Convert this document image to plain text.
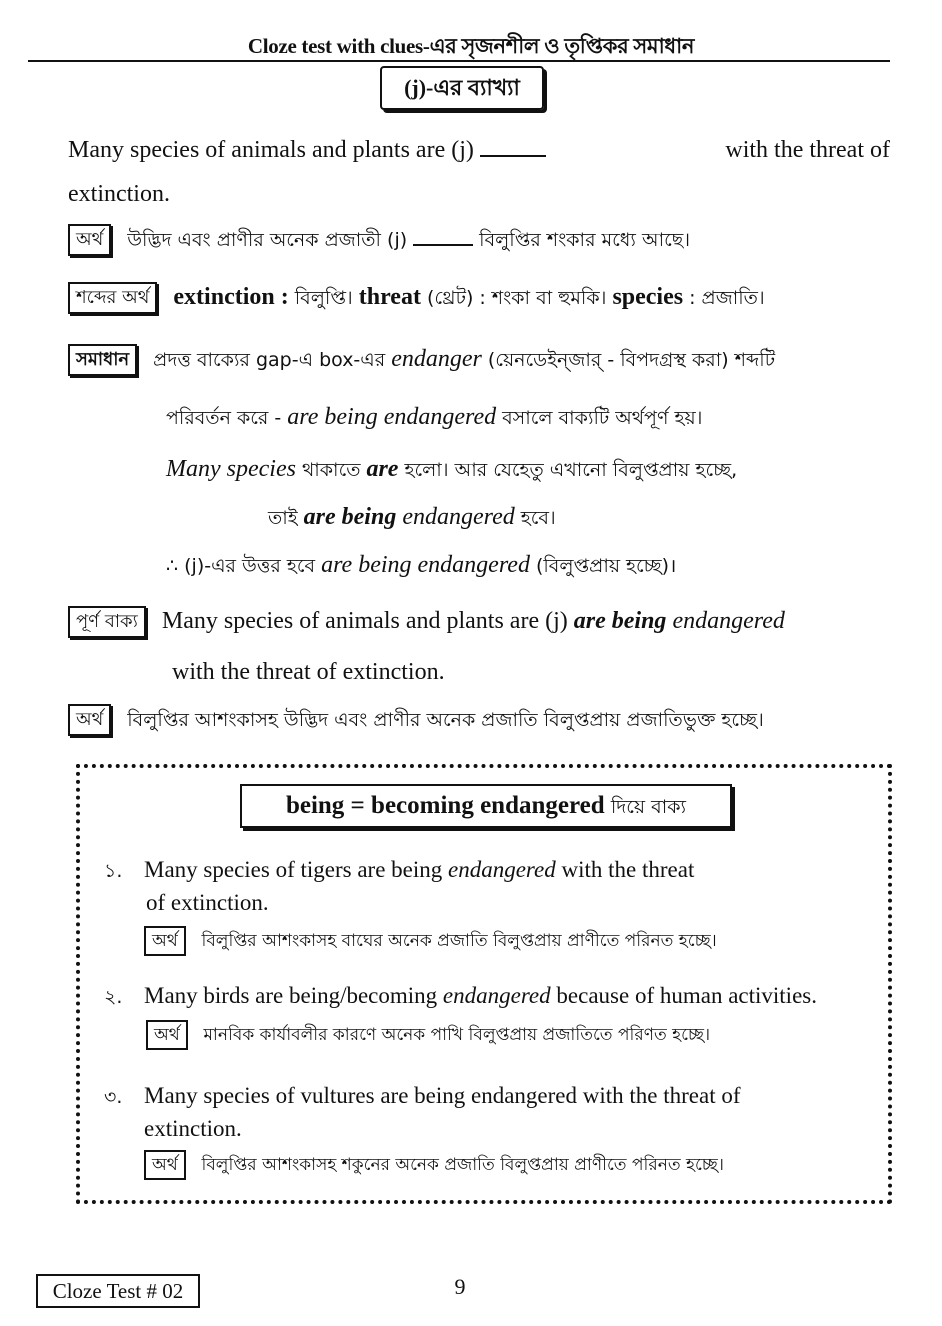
Cloze test with clues-এর সৃজনশীল ও তৃপ্তিকর সমাধান
(j)-এর ব্যাখ্যা
Many species of animals and plants are (j)	with the threat of
extinction.
অর্থ উদ্ভিদ এবং প্রাণীর অনেক প্রজাতী (j)	বিলুপ্তির শংকার মধ্যে আছে।
শব্দের অর্থ extinction : বিলুপ্তি। threat (থ্রেট) : শংকা বা হুমকি। species : প্রজাতি।
সমাধান প্রদত্ত বাক্যের gap-এ box-এর endanger (য়েনডেইন্জার্ - বিপদগ্রস্থ করা) শব্দটি
পরিবর্তন করে - are being endangered বসালে বাক্যটি অর্থপূর্ণ হয়।
Many species থাকাতে are হলো। আর যেহেতু এখানো বিলুপ্তপ্রায় হচ্ছে,
তাই are being endangered হবে।
∴ (j)-এর উত্তর হবে are being endangered (বিলুপ্তপ্রায় হচ্ছে)।
পূর্ণ বাক্য Many species of animals and plants are (j) are being endangered
with the threat of extinction.
অর্থ বিলুপ্তির আশংকাসহ উদ্ভিদ এবং প্রাণীর অনেক প্রজাতি বিলুপ্তপ্রায় প্রজাতিভুক্ত হচ্ছে।
being = becoming endangered দিয়ে বাক্য
১. Many species of tigers are being endangered with the threat
of extinction.
অর্থ বিলুপ্তির আশংকাসহ বাঘের অনেক প্রজাতি বিলুপ্তপ্রায় প্রাণীতে পরিনত হচ্ছে।
২. Many birds are being/becoming endangered because of human activities.
অর্থ মানবিক কার্যাবলীর কারণে অনেক পাখি বিলুপ্তপ্রায় প্রজাতিতে পরিণত হচ্ছে।
৩. Many species of vultures are being endangered with the threat of
extinction.
অর্থ বিলুপ্তির আশংকাসহ শকুনের অনেক প্রজাতি বিলুপ্তপ্রায় প্রাণীতে পরিনত হচ্ছে।
Cloze Test # 02	9
